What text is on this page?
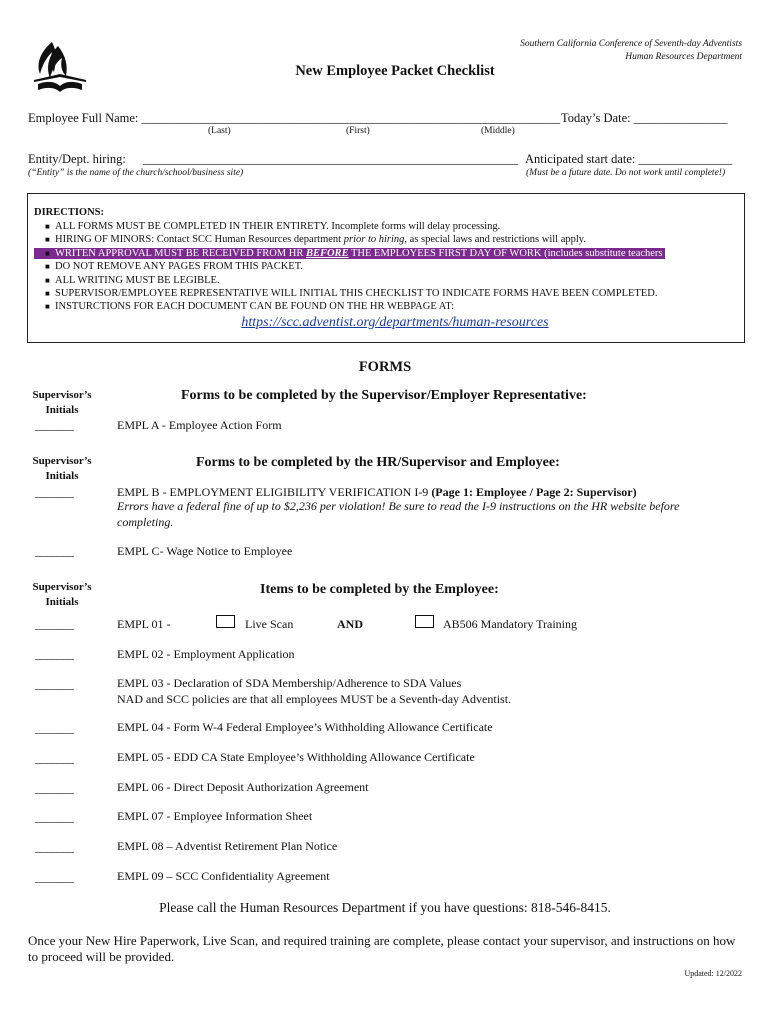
Southern California Conference of Seventh-day Adventists
Human Resources Department
New Employee Packet Checklist
Employee Full Name: ___________________________________________________________________ Today’s Date: _______________
(Last)	(First)	(Middle)
Entity/Dept. hiring: ____________________________________________________________ Anticipated start date: _______________
(“Entity” is the name of the church/school/business site)	(Must be a future date. Do not work until complete!)
DIRECTIONS:
■ ALL FORMS MUST BE COMPLETED IN THEIR ENTIRETY. Incomplete forms will delay processing.
■ HIRING OF MINORS: Contact SCC Human Resources department prior to hiring, as special laws and restrictions will apply.
WRITEN APPROVAL MUST BE RECEIVED FROM HR BEFORE THE EMPLOYEES FIRST DAY OF WORK (includes substitute teachers
■
■ DO NOT REMOVE ANY PAGES FROM THIS PACKET.
■ ALL WRITING MUST BE LEGIBLE.
■ SUPERVISOR/EMPLOYEE REPRESENTATIVE WILL INITIAL THIS CHECKLIST TO INDICATE FORMS HAVE BEEN COMPLETED.
■ INSTURCTIONS FOR EACH DOCUMENT CAN BE FOUND ON THE HR WEBPAGE AT:
https://scc.adventist.org/departments/human-resources
FORMS
Supervisor’s
Initials
Forms to be completed by the Supervisor/Employer Representative:
_______	EMPL A - Employee Action Form
Supervisor’s
Initials
Forms to be completed by the HR/Supervisor and Employee:
_______	EMPL B - EMPLOYMENT ELIGIBILITY VERIFICATION I-9 (Page 1: Employee / Page 2: Supervisor)
Errors have a federal fine of up to $2,236 per violation! Be sure to read the I-9 instructions on the HR website before
completing.
_______	EMPL C- Wage Notice to Employee
Supervisor’s
Initials
Items to be completed by the Employee:
_______	EMPL 01 -	Live Scan	AND	AB506 Mandatory Training
_______	EMPL 02 - Employment Application
_______	EMPL 03 - Declaration of SDA Membership/Adherence to SDA Values
NAD and SCC policies are that all employees MUST be a Seventh-day Adventist.
_______	EMPL 04 - Form W-4 Federal Employee’s Withholding Allowance Certificate
_______	EMPL 05 - EDD CA State Employee’s Withholding Allowance Certificate
_______	EMPL 06 - Direct Deposit Authorization Agreement
_______	EMPL 07 - Employee Information Sheet
_______	EMPL 08 – Adventist Retirement Plan Notice
_______	EMPL 09 – SCC Confidentiality Agreement
Please call the Human Resources Department if you have questions: 818-546-8415.
Once your New Hire Paperwork, Live Scan, and required training are complete, please contact your supervisor, and instructions on how to proceed will be provided.
Updated: 12/2022
